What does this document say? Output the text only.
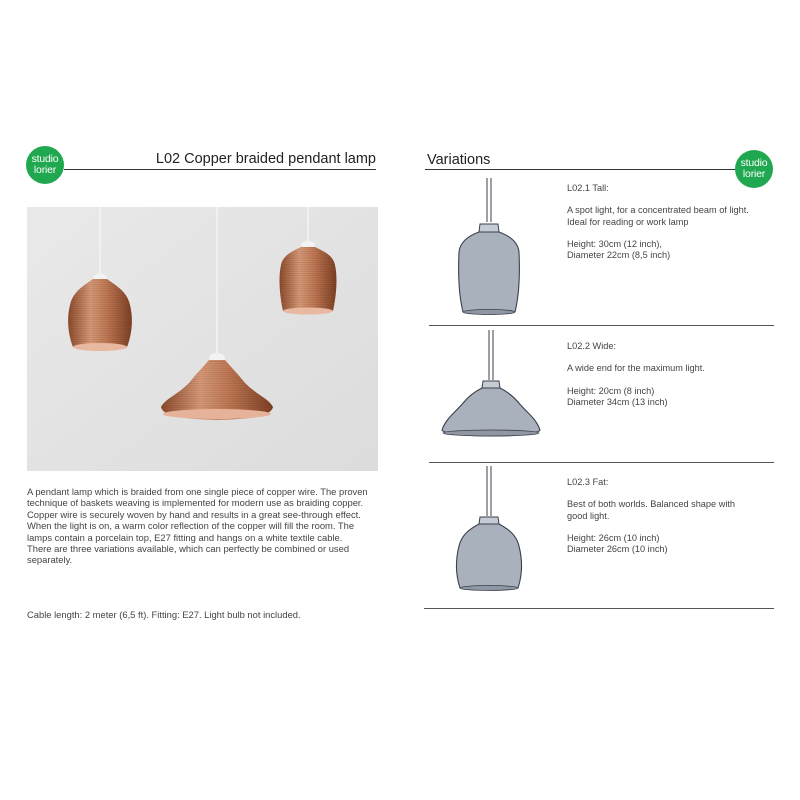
studio
lorier
L02 Copper braided pendant lamp
A pendant lamp which is braided from one single piece of copper wire. The proven
technique of baskets weaving is implemented for modern use as braiding copper.
Copper wire is securely woven by hand and results in a great see-through effect.
When the light is on, a warm color reflection of the copper will fill the room. The
lamps contain a porcelain top, E27 fitting and hangs on a white textile cable.
There are three variations available, which can perfectly be combined or used
separately.
Cable length: 2 meter (6,5 ft). Fitting: E27. Light bulb not included.
Variations	studio
lorier

L02.1 Tall:

A spot light, for a concentrated beam of light.

Ideal for reading or work lamp

Height: 30cm (12 inch),

Diameter 22cm (8,5 inch)

L02.2 Wide:

A wide end for the maximum light.

Height: 20cm (8 inch)

Diameter 34cm (13 inch)

L02.3 Fat:

Best of both worlds. Balanced shape with

good light.

Height: 26cm (10 inch)

Diameter 26cm (10 inch)
